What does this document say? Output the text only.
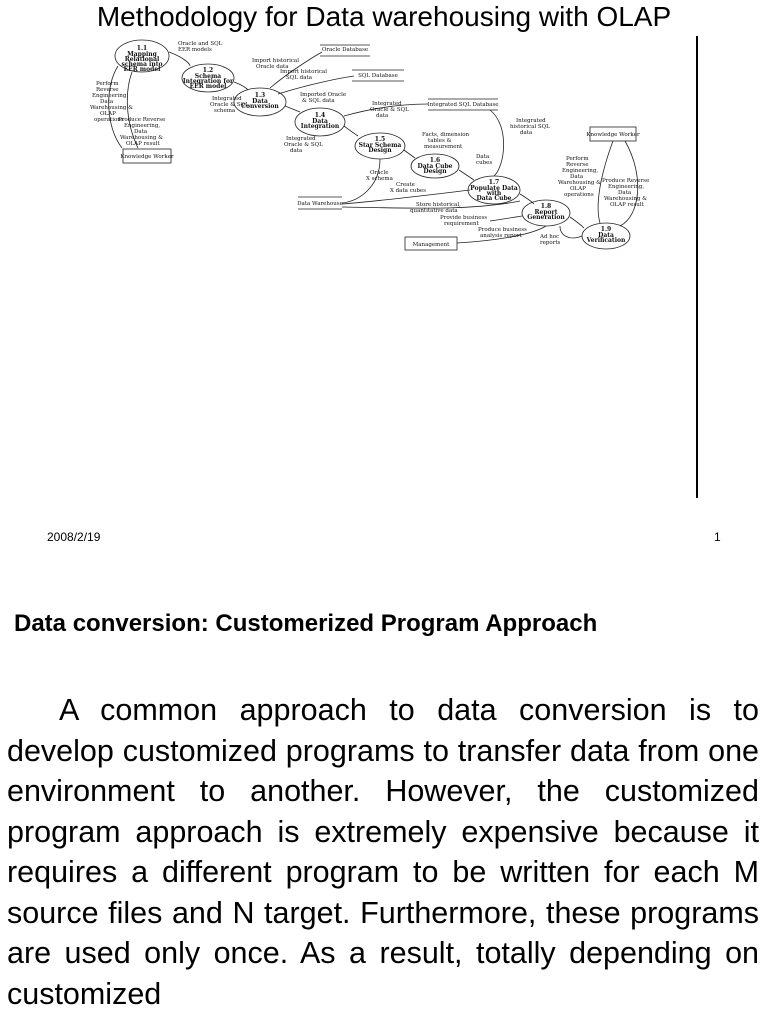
Methodology for Data warehousing with OLAP
1.1
Mapping
Relational
schema into
EER model	1.2
Schema
Integration for
EER model
1.3
Data
Conversion
1.4
Data
Integration
1.5
Star Schema
Design
1.6
Data Cube
Design
1.7
Populate Data
with
Data Cube
1.8
Report
Generation
1.9
Data
Verification
Oracle Database
SQL Database
Integrated SQL Database
Data Warehouse
Knowledge Worker
Knowledge Worker
Management
Oracle and SQL
EER models
Import historical
Oracle data
Import historical
SQL data
Integrated
Oracle & SQL
schema
Imported Oracle
& SQL data
Integrated
Oracle & SQL
data
Integrated
Oracle & SQL
data
Integrated
historical SQL
data
Facts, dimension
tables &
measurement
Data
cubes
Oracle
X schema
Create
X data cubes
Store historical,
quantitative data
Provide business
requirement
Produce business
analysis report	Ad hoc
reports
Perform
Reverse
Engineering,
Data
Warehousing &
OLAP
operations
Produce Reverse
Engineering,
Data
Warehousing &
OLAP result
Perform
Reverse
Engineering,
Data
Warehousing &
OLAP
operations
Produce Reverse
Engineering,
Data
Warehousing &
OLAP result
2008/2/19	1
Data conversion: Customerized Program Approach

A common approach to data conversion is to develop customized programs to transfer data from one environment to another. However, the customized program approach is extremely expensive because it requires a different program to be written for each M source files and N target. Furthermore, these programs are used only once. As a result, totally depending on customized
